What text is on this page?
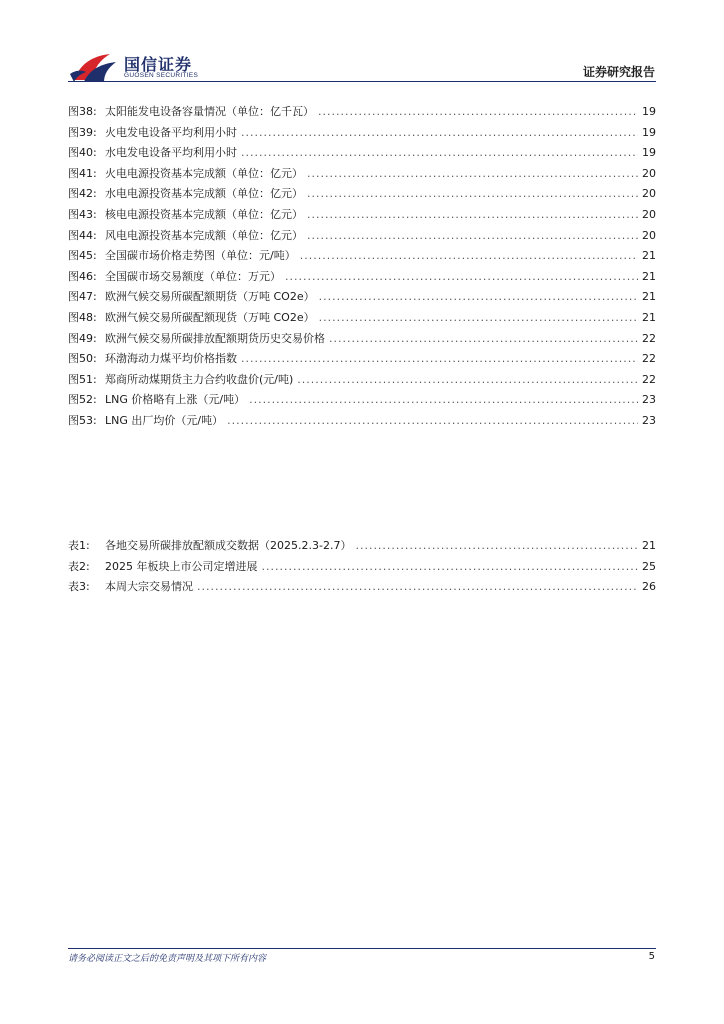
国信证券
GUOSEN SECURITIES	证券研究报告
图38: 太阳能发电设备容量情况（单位：亿千瓦） .....	19
图39: 火电发电设备平均利用小时 .....	19
图40: 水电发电设备平均利用小时 .....	19
图41: 火电电源投资基本完成额（单位：亿元） .....	20
图42: 水电电源投资基本完成额（单位：亿元） .....	20
图43: 核电电源投资基本完成额（单位：亿元） .....	20
图44: 风电电源投资基本完成额（单位：亿元） .....	20
图45: 全国碳市场价格走势图（单位：元/吨） .....	21
图46: 全国碳市场交易额度（单位：万元） .....	21
图47: 欧洲气候交易所碳配额期货（万吨 CO2e） .....	21
图48: 欧洲气候交易所碳配额现货（万吨 CO2e） .....	21
图49: 欧洲气候交易所碳排放配额期货历史交易价格 .....	22
图50: 环渤海动力煤平均价格指数 .....	22
图51: 郑商所动煤期货主力合约收盘价(元/吨) .....	22
图52: LNG 价格略有上涨（元/吨） .....	23
图53: LNG 出厂均价（元/吨） .....	23
表1:	各地交易所碳排放配额成交数据（2025.2.3-2.7） .....	21
表2:	2025 年板块上市公司定增进展 .....	25
表3:	本周大宗交易情况 .....	26
请务必阅读正文之后的免责声明及其项下所有内容	5
